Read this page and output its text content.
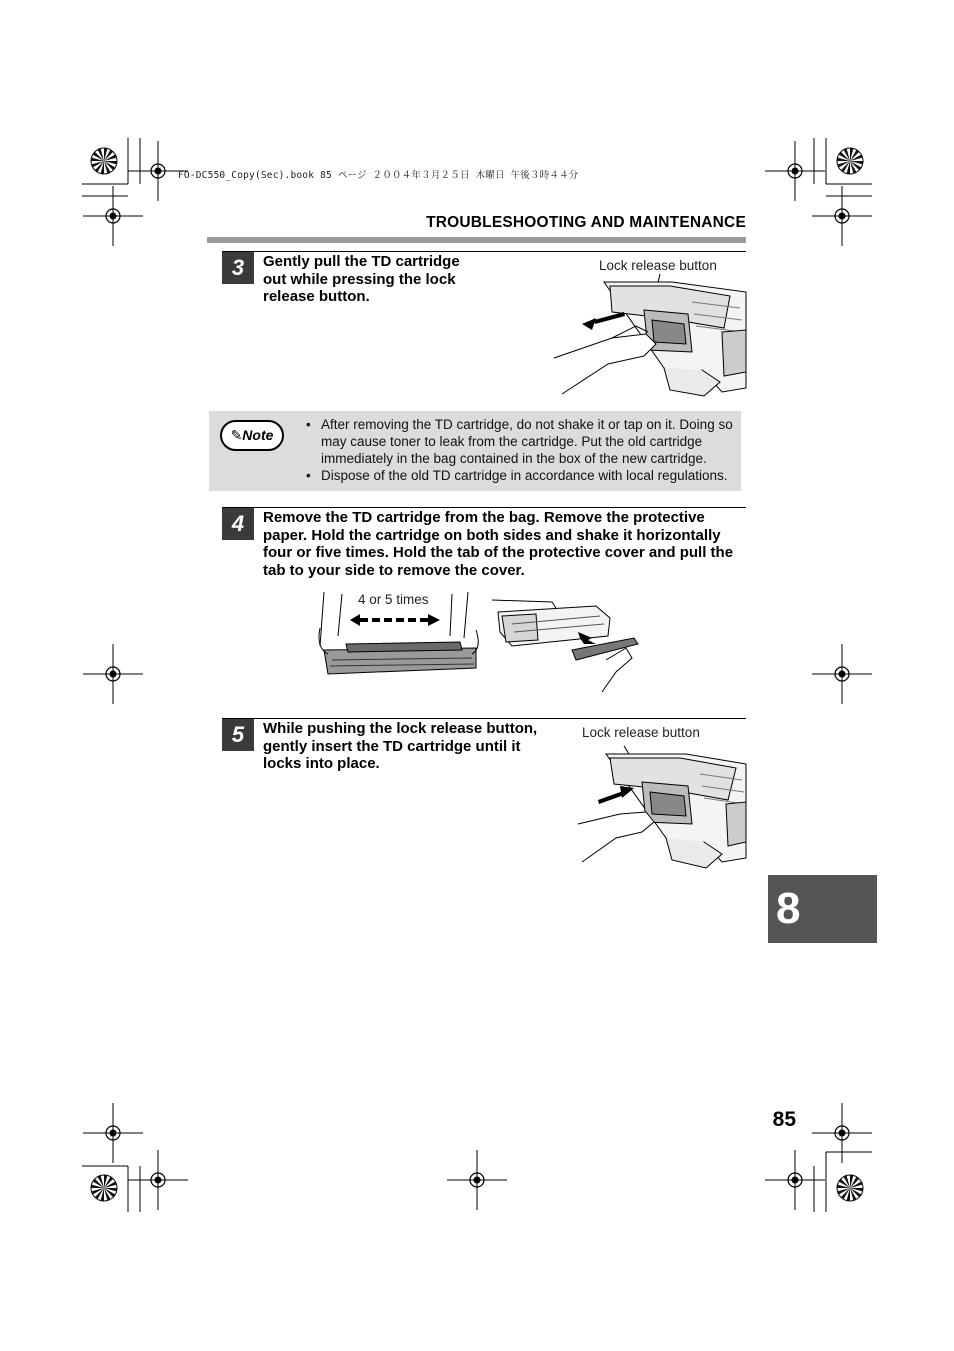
FO-DC550_Copy(Sec).book 85 ページ ２００４年３月２５日 木曜日 午後３時４４分
TROUBLESHOOTING AND MAINTENANCE
3	Gently pull the TD cartridge out while pressing the lock release button.
Lock release button
✎Note
• After removing the TD cartridge, do not shake it or tap on it. Doing so may cause toner to leak from the cartridge. Put the old cartridge immediately in the bag contained in the box of the new cartridge.
• Dispose of the old TD cartridge in accordance with local regulations.
4	Remove the TD cartridge from the bag. Remove the protective paper. Hold the cartridge on both sides and shake it horizontally four or five times. Hold the tab of the protective cover and pull the tab to your side to remove the cover.
4 or 5 times
5	While pushing the lock release button, gently insert the TD cartridge until it locks into place.
Lock release button
8
85
